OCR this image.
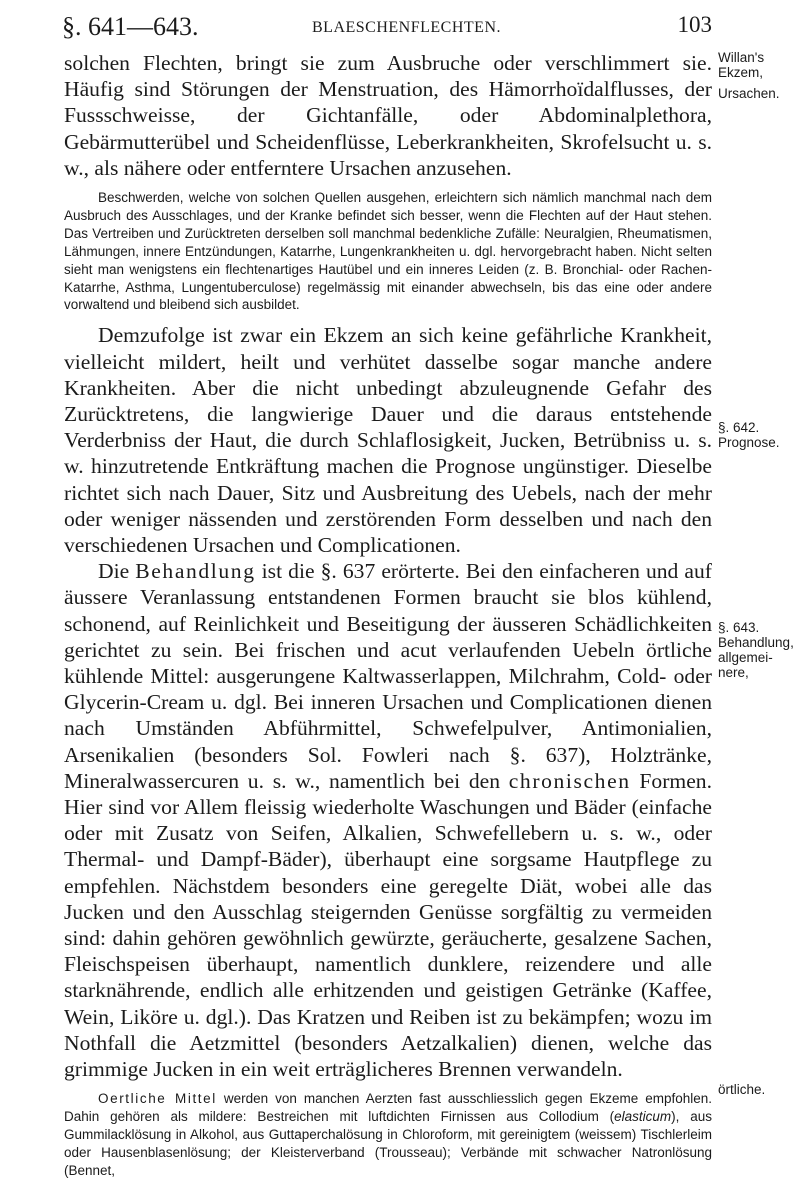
§. 641—643.	BLAESCHENFLECHTEN.	103

solchen Flechten, bringt sie zum Ausbruche oder verschlimmert sie. Häufig sind Störungen der Menstruation, des Hämorrhoïdalflusses, der Fussschweisse, der Gichtanfälle, oder Abdominalplethora, Gebärmutterübel und Scheidenflüsse, Leberkrankheiten, Skrofelsucht u. s. w., als nähere oder entferntere Ursachen anzusehen.

Beschwerden, welche von solchen Quellen ausgehen, erleichtern sich nämlich manchmal nach dem Ausbruch des Ausschlages, und der Kranke befindet sich besser, wenn die Flechten auf der Haut stehen. Das Vertreiben und Zurücktreten derselben soll manchmal bedenkliche Zufälle: Neuralgien, Rheumatismen, Lähmungen, innere Entzündungen, Katarrhe, Lungenkrankheiten u. dgl. hervorgebracht haben. Nicht selten sieht man wenigstens ein flechtenartiges Hautübel und ein inneres Leiden (z. B. Bronchial- oder Rachen-Katarrhe, Asthma, Lungentuberculose) regelmässig mit einander abwechseln, bis das eine oder andere vorwaltend und bleibend sich ausbildet.

Demzufolge ist zwar ein Ekzem an sich keine gefährliche Krankheit, vielleicht mildert, heilt und verhütet dasselbe sogar manche andere Krankheiten. Aber die nicht unbedingt abzuleugnende Gefahr des Zurücktretens, die langwierige Dauer und die daraus entstehende Verderbniss der Haut, die durch Schlaflosigkeit, Jucken, Betrübniss u. s. w. hinzutretende Entkräftung machen die Prognose ungünstiger. Dieselbe richtet sich nach Dauer, Sitz und Ausbreitung des Uebels, nach der mehr oder weniger nässenden und zerstörenden Form desselben und nach den verschiedenen Ursachen und Complicationen.

Die Behandlung ist die §. 637 erörterte. Bei den einfacheren und auf äussere Veranlassung entstandenen Formen braucht sie blos kühlend, schonend, auf Reinlichkeit und Beseitigung der äusseren Schädlichkeiten gerichtet zu sein. Bei frischen und acut verlaufenden Uebeln örtliche kühlende Mittel: ausgerungene Kaltwasserlappen, Milchrahm, Cold- oder Glycerin-Cream u. dgl. Bei inneren Ursachen und Complicationen dienen nach Umständen Abführmittel, Schwefelpulver, Antimonialien, Arsenikalien (besonders Sol. Fowleri nach §. 637), Holztränke, Mineralwassercuren u. s. w., namentlich bei den chronischen Formen. Hier sind vor Allem fleissig wiederholte Waschungen und Bäder (einfache oder mit Zusatz von Seifen, Alkalien, Schwefellebern u. s. w., oder Thermal- und Dampf-Bäder), überhaupt eine sorgsame Hautpflege zu empfehlen. Nächstdem besonders eine geregelte Diät, wobei alle das Jucken und den Ausschlag steigernden Genüsse sorgfältig zu vermeiden sind: dahin gehören gewöhnlich gewürzte, geräucherte, gesalzene Sachen, Fleischspeisen überhaupt, namentlich dunklere, reizendere und alle starknährende, endlich alle erhitzenden und geistigen Getränke (Kaffee, Wein, Liköre u. dgl.). Das Kratzen und Reiben ist zu bekämpfen; wozu im Nothfall die Aetzmittel (besonders Aetzalkalien) dienen, welche das grimmige Jucken in ein weit erträglicheres Brennen verwandeln.

Oertliche Mittel werden von manchen Aerzten fast ausschliesslich gegen Ekzeme empfohlen. Dahin gehören als mildere: Bestreichen mit luftdichten Firnissen aus Collodium (elasticum), aus Gummilacklösung in Alkohol, aus Guttaperchalösung in Chloroform, mit gereinigtem (weissem) Tischlerleim oder Hausenblasenlösung; der Kleisterverband (Trousseau); Verbände mit schwacher Natronlösung (Bennet,

Willan's
Ekzem,
Ursachen.
§. 642.
Prognose.
§. 643.
Behandlung,
allgemei-
nere,
örtliche.
